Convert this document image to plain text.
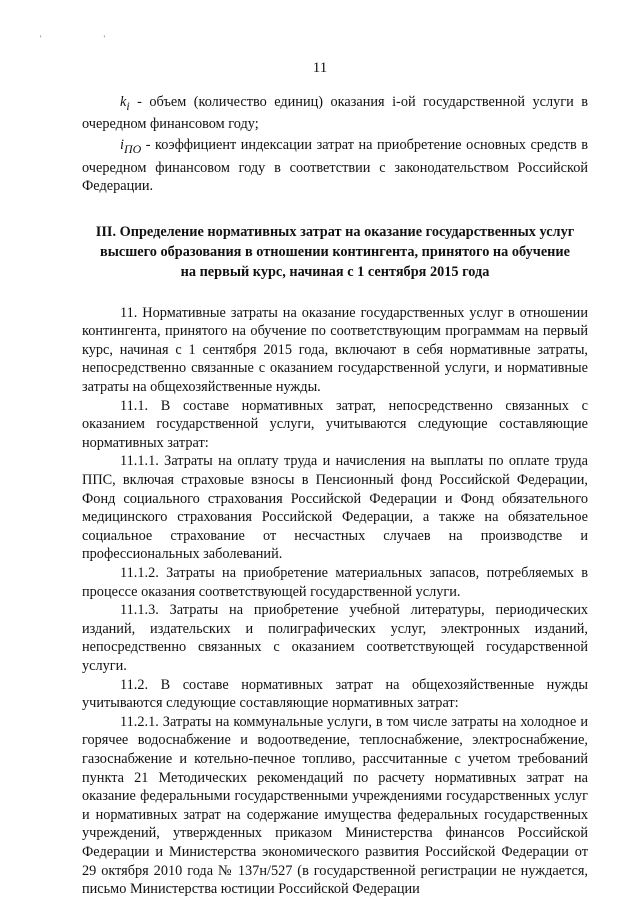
' '
11

$k_i$ - объем (количество единиц) оказания i-ой государственной услуги в очередном финансовом году;

$i_{ПО}$ - коэффициент индексации затрат на приобретение основных средств в очередном финансовом году в соответствии с законодательством Российской Федерации.

III. Определение нормативных затрат на оказание государственных услуг
высшего образования в отношении контингента, принятого на обучение
на первый курс, начиная с 1 сентября 2015 года

11. Нормативные затраты на оказание государственных услуг в отношении контингента, принятого на обучение по соответствующим программам на первый курс, начиная с 1 сентября 2015 года, включают в себя нормативные затраты, непосредственно связанные с оказанием государственной услуги, и нормативные затраты на общехозяйственные нужды.

11.1. В составе нормативных затрат, непосредственно связанных с оказанием государственной услуги, учитываются следующие составляющие нормативных затрат:

11.1.1. Затраты на оплату труда и начисления на выплаты по оплате труда ППС, включая страховые взносы в Пенсионный фонд Российской Федерации, Фонд социального страхования Российской Федерации и Фонд обязательного медицинского страхования Российской Федерации, а также на обязательное социальное страхование от несчастных случаев на производстве и профессиональных заболеваний.

11.1.2. Затраты на приобретение материальных запасов, потребляемых в процессе оказания соответствующей государственной услуги.

11.1.3. Затраты на приобретение учебной литературы, периодических изданий, издательских и полиграфических услуг, электронных изданий, непосредственно связанных с оказанием соответствующей государственной услуги.

11.2. В составе нормативных затрат на общехозяйственные нужды учитываются следующие составляющие нормативных затрат:

11.2.1. Затраты на коммунальные услуги, в том числе затраты на холодное и горячее водоснабжение и водоотведение, теплоснабжение, электроснабжение, газоснабжение и котельно-печное топливо, рассчитанные с учетом требований пункта 21 Методических рекомендаций по расчету нормативных затрат на оказание федеральными государственными учреждениями государственных услуг и нормативных затрат на содержание имущества федеральных государственных учреждений, утвержденных приказом Министерства финансов Российской Федерации и Министерства экономического развития Российской Федерации от 29 октября 2010 года № 137н/527 (в государственной регистрации не нуждается, письмо Министерства юстиции Российской Федерации
